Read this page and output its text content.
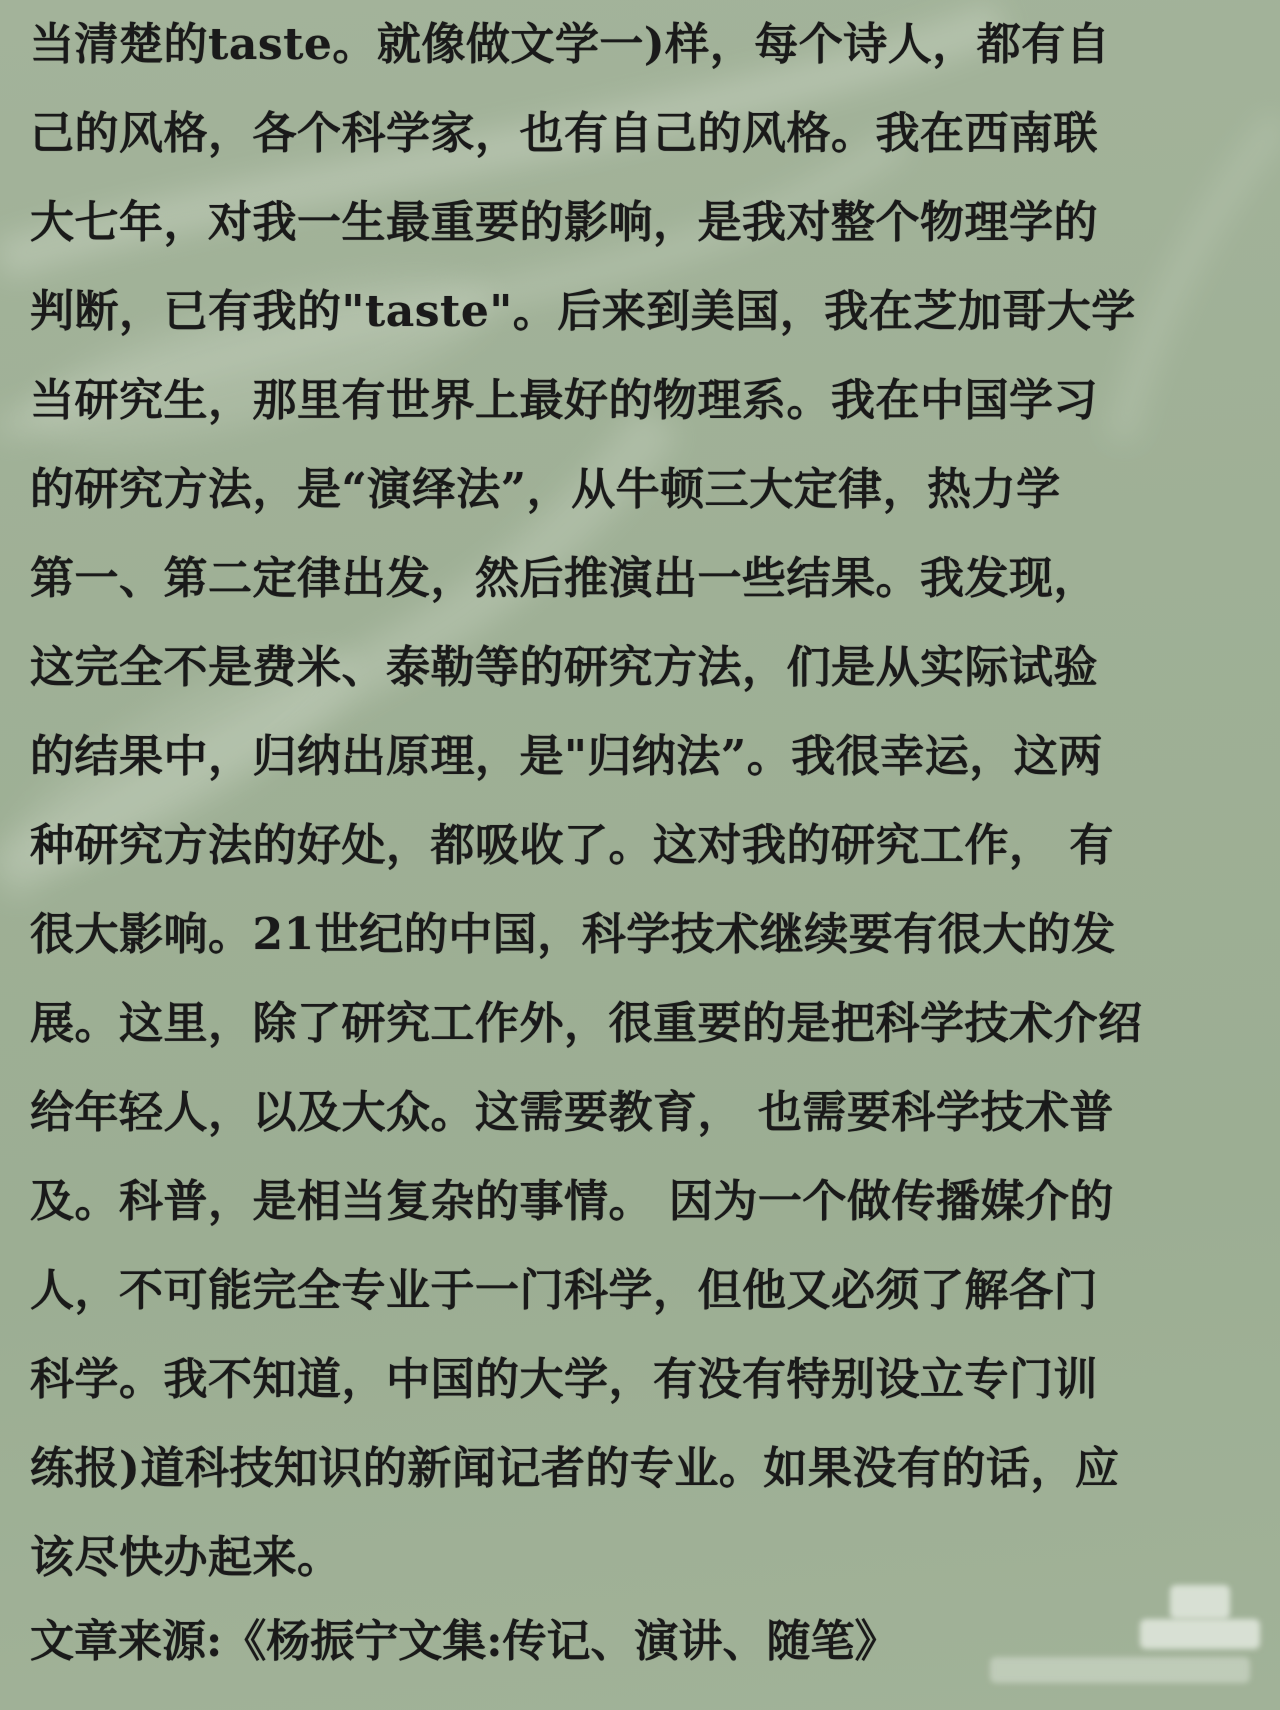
当清楚的taste。就像做文学一)样，每个诗人，都有自
己的风格，各个科学家，也有自己的风格。我在西南联
大七年，对我一生最重要的影响，是我对整个物理学的
判断，已有我的"taste"。后来到美国，我在芝加哥大学
当研究生，那里有世界上最好的物理系。我在中国学习
的研究方法，是“演绎法”，从牛顿三大定律，热力学
第一、第二定律出发，然后推演出一些结果。我发现，
这完全不是费米、泰勒等的研究方法，们是从实际试验
的结果中，归纳出原理，是"归纳法”。我很幸运，这两
种研究方法的好处，都吸收了。这对我的研究工作， 有
很大影响。21世纪的中国，科学技术继续要有很大的发
展。这里，除了研究工作外，很重要的是把科学技术介绍
给年轻人，以及大众。这需要教育， 也需要科学技术普
及。科普，是相当复杂的事情。 因为一个做传播媒介的
人，不可能完全专业于一门科学，但他又必须了解各门
科学。我不知道，中国的大学，有没有特别设立专门训
练报)道科技知识的新闻记者的专业。如果没有的话，应
该尽快办起来。
文章来源:《杨振宁文集:传记、演讲、随笔》
